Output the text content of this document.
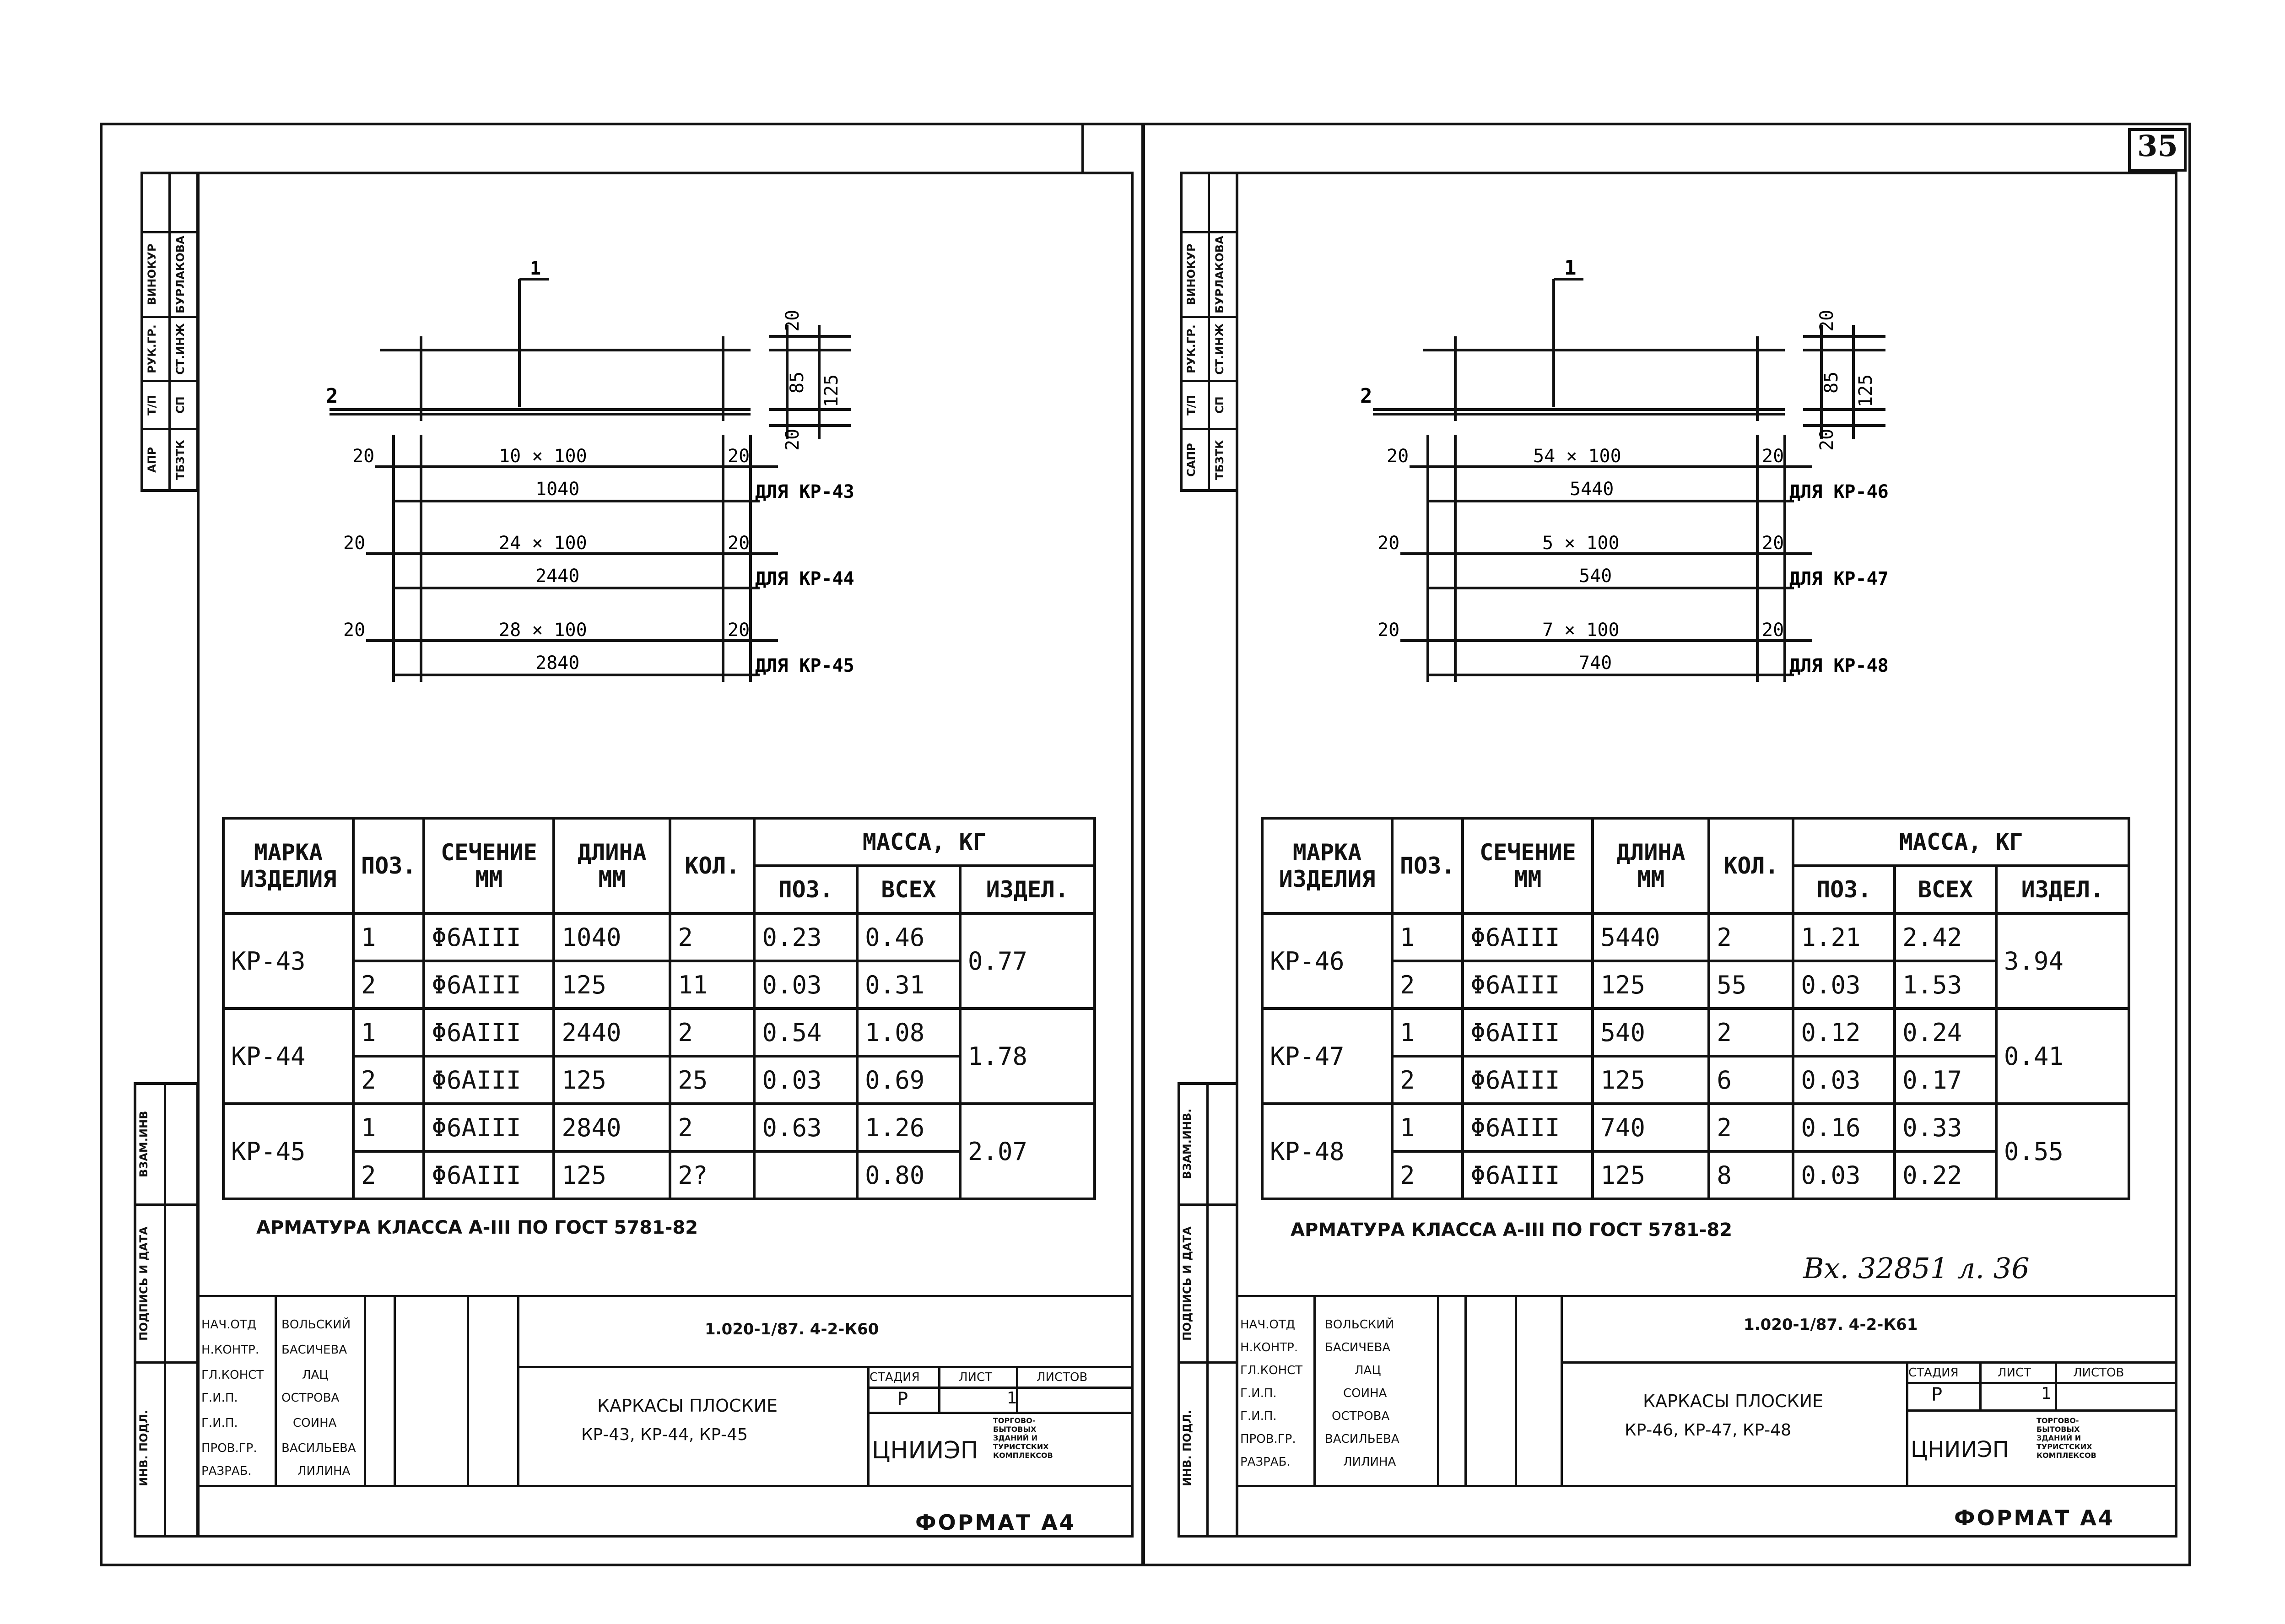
35
АПР ТБЗТК
Т/П СП
РУК.ГР. СТ.ИНЖ
ВИНОКУР БУРЛАКОВА
ВЗАМ.ИНВ
ПОДПИСЬ И ДАТА
ИНВ. ПОДЛ.
1
2
20
85 125
20
20	10 × 100	20
1040	ДЛЯ КР-43
20	24 × 100	20
2440	ДЛЯ КР-44
20	28 × 100	20
2840	ДЛЯ КР-45
МАРКА ИЗДЕЛИЯ	ПОЗ.	СЕЧЕНИЕ ММ	ДЛИНА ММ	КОЛ.	МАССА, КГ		
					ПОЗ.	ВСЕХ	ИЗДЕЛ.
КР-43	1	Φ6AIII	1040	2	0.23	0.46	0.77
	2	Φ6AIII	125	11	0.03	0.31	
КР-44	1	Φ6AIII	2440	2	0.54	1.08	1.78
	2	Φ6AIII	125	25	0.03	0.69	
КР-45	1	Φ6AIII	2840	2	0.63	1.26	2.07
	2	Φ6AIII	125	2?		0.80	
АРМАТУРА КЛАССА А-III ПО ГОСТ 5781-82
1.020-1/87. 4-2-К60
КАРКАСЫ ПЛОСКИЕ
КР-43, КР-44, КР-45
СТАДИЯ	ЛИСТ	ЛИСТОВ
Р	1
ЦНИИЭП
ТОРГОВО-БЫТОВЫХ ЗДАНИЙ И ТУРИСТСКИХ КОМПЛЕКСОВ
НАЧ.ОТД
Н.КОНТР.
ГЛ.КОНСТ
Г.И.П.
Г.И.П.
ПРОВ.ГР.
РАЗРАБ.
ВОЛЬСКИЙ
БАСИЧЕВА
ЛАЦ
ОСТРОВА
СОИНА
ВАСИЛЬЕВА
ЛИЛИНА
ФОРМАТ А4
САПР ТБЗТК
Т/П СП
РУК.ГР. СТ.ИНЖ
ВИНОКУР БУРЛАКОВА
ВЗАМ.ИНВ.
ПОДПИСЬ И ДАТА
ИНВ. ПОДЛ.
1
2
20
85 125
20
20	54 × 100	20
5440	ДЛЯ КР-46
20	5 × 100	20
540	ДЛЯ КР-47
20	7 × 100	20
740	ДЛЯ КР-48
МАРКА ИЗДЕЛИЯ	ПОЗ.	СЕЧЕНИЕ ММ	ДЛИНА ММ	КОЛ.	МАССА, КГ		
					ПОЗ.	ВСЕХ	ИЗДЕЛ.
КР-46	1	Φ6AIII	5440	2	1.21	2.42	3.94
	2	Φ6AIII	125	55	0.03	1.53	
КР-47	1	Φ6AIII	540	2	0.12	0.24	0.41
	2	Φ6AIII	125	6	0.03	0.17	
КР-48	1	Φ6AIII	740	2	0.16	0.33	0.55
	2	Φ6AIII	125	8	0.03	0.22	
АРМАТУРА КЛАССА А-III ПО ГОСТ 5781-82
Вх. 32851 л. 36
1.020-1/87. 4-2-К61
КАРКАСЫ ПЛОСКИЕ
КР-46, КР-47, КР-48
СТАДИЯ	ЛИСТ	ЛИСТОВ
Р	1
ЦНИИЭП
ТОРГОВО-БЫТОВЫХ ЗДАНИЙ И ТУРИСТСКИХ КОМПЛЕКСОВ
НАЧ.ОТД
Н.КОНТР.
ГЛ.КОНСТ
Г.И.П.
Г.И.П.
ПРОВ.ГР.
РАЗРАБ.
ВОЛЬСКИЙ
БАСИЧЕВА
ЛАЦ
СОИНА
ОСТРОВА
ВАСИЛЬЕВА
ЛИЛИНА
ФОРМАТ А4
